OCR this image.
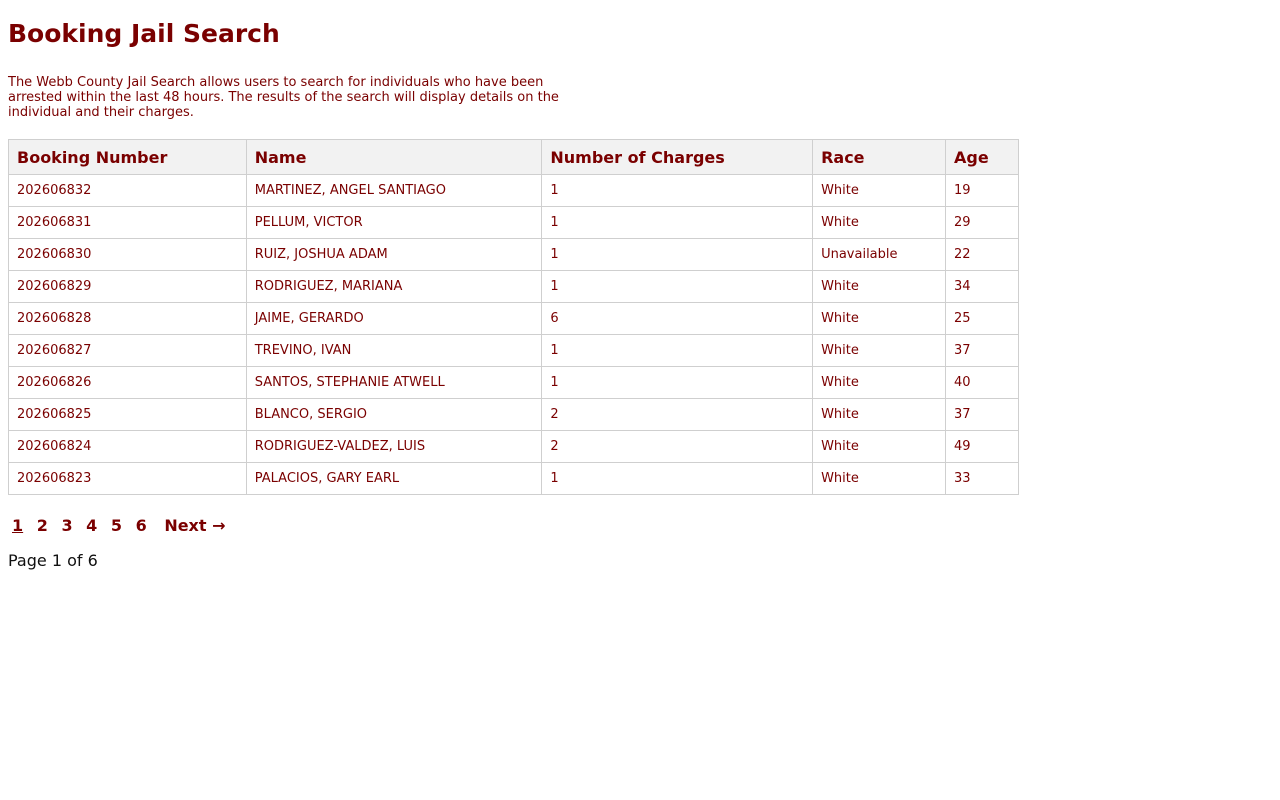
Booking Jail Search

The Webb County Jail Search allows users to search for individuals who have been arrested within the last 48 hours. The results of the search will display details on the individual and their charges.

Booking Number	Name	Number of Charges	Race	Age
202606832	MARTINEZ, ANGEL SANTIAGO	1	White	19
202606831	PELLUM, VICTOR	1	White	29
202606830	RUIZ, JOSHUA ADAM	1	Unavailable	22
202606829	RODRIGUEZ, MARIANA	1	White	34
202606828	JAIME, GERARDO	6	White	25
202606827	TREVINO, IVAN	1	White	37
202606826	SANTOS, STEPHANIE ATWELL	1	White	40
202606825	BLANCO, SERGIO	2	White	37
202606824	RODRIGUEZ-VALDEZ, LUIS	2	White	49
202606823	PALACIOS, GARY EARL	1	White	33
1 2 3 4 5 6 Next →
Page 1 of 6
